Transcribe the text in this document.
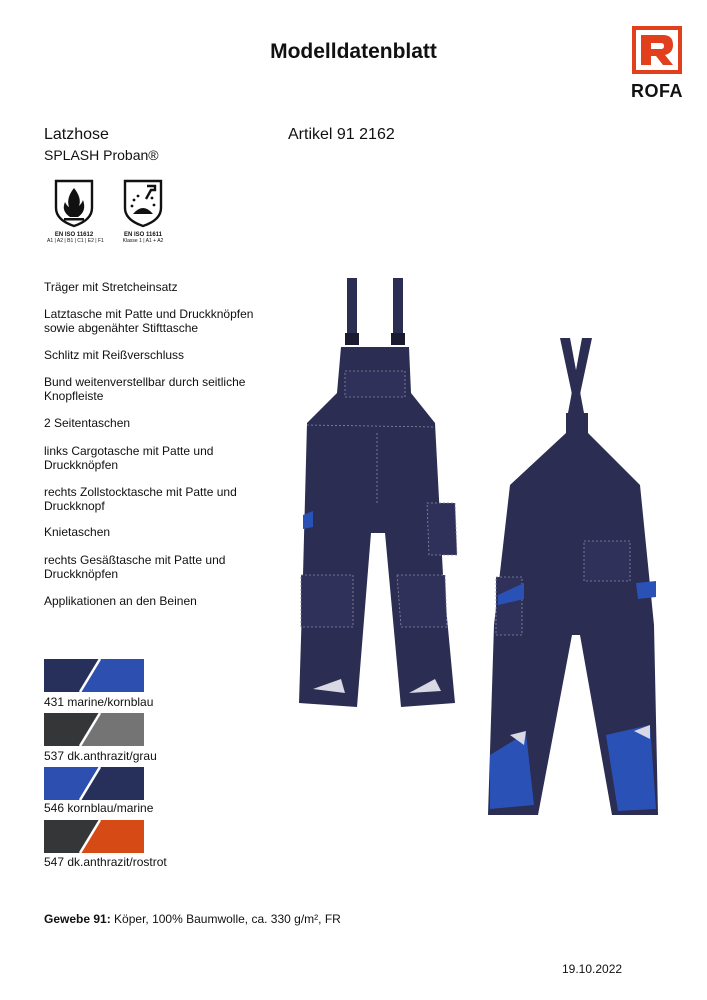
Modelldatenblatt
ROFA
Latzhose
SPLASH Proban®
Artikel 91 2162
EN ISO 11612
A1 | A2 | B1 | C1 | E2 | F1
EN ISO 11611
Klasse 1 | A1 + A2
Träger mit Stretcheinsatz
Latztasche mit Patte und Druckknöpfen
sowie abgenähter Stifttasche
Schlitz mit Reißverschluss
Bund weitenverstellbar durch seitliche
Knopfleiste
2 Seitentaschen
links Cargotasche mit Patte und
Druckknöpfen
rechts Zollstocktasche mit Patte und
Druckknopf
Knietaschen
rechts Gesäßtasche mit Patte und
Druckknöpfen
Applikationen an den Beinen
431 marine/kornblau
537 dk.anthrazit/grau
546 kornblau/marine
547 dk.anthrazit/rostrot
Gewebe 91: Köper, 100% Baumwolle, ca. 330 g/m², FR
19.10.2022
